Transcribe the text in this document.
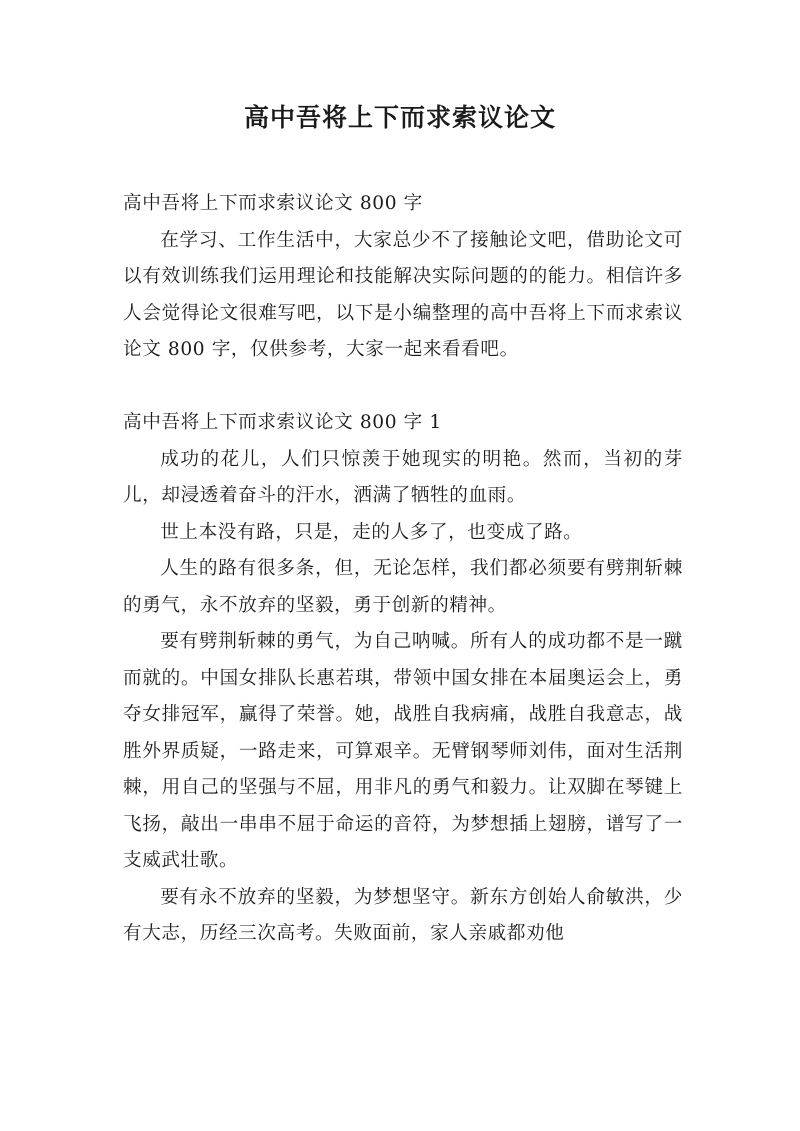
高中吾将上下而求索议论文

高中吾将上下而求索议论文 800 字

在学习、工作生活中，大家总少不了接触论文吧，借助论文可以有效训练我们运用理论和技能解决实际问题的的能力。相信许多人会觉得论文很难写吧，以下是小编整理的高中吾将上下而求索议论文 800 字，仅供参考，大家一起来看看吧。

高中吾将上下而求索议论文 800 字 1

成功的花儿，人们只惊羡于她现实的明艳。然而，当初的芽儿，却浸透着奋斗的汗水，洒满了牺牲的血雨。

世上本没有路，只是，走的人多了，也变成了路。

人生的路有很多条，但，无论怎样，我们都必须要有劈荆斩棘的勇气，永不放弃的坚毅，勇于创新的精神。

要有劈荆斩棘的勇气，为自己呐喊。所有人的成功都不是一蹴而就的。中国女排队长惠若琪，带领中国女排在本届奥运会上，勇夺女排冠军，赢得了荣誉。她，战胜自我病痛，战胜自我意志，战胜外界质疑，一路走来，可算艰辛。无臂钢琴师刘伟，面对生活荆棘，用自己的坚强与不屈，用非凡的勇气和毅力。让双脚在琴键上飞扬，敲出一串串不屈于命运的音符，为梦想插上翅膀，谱写了一支威武壮歌。

要有永不放弃的坚毅，为梦想坚守。新东方创始人俞敏洪，少有大志，历经三次高考。失败面前，家人亲戚都劝他
